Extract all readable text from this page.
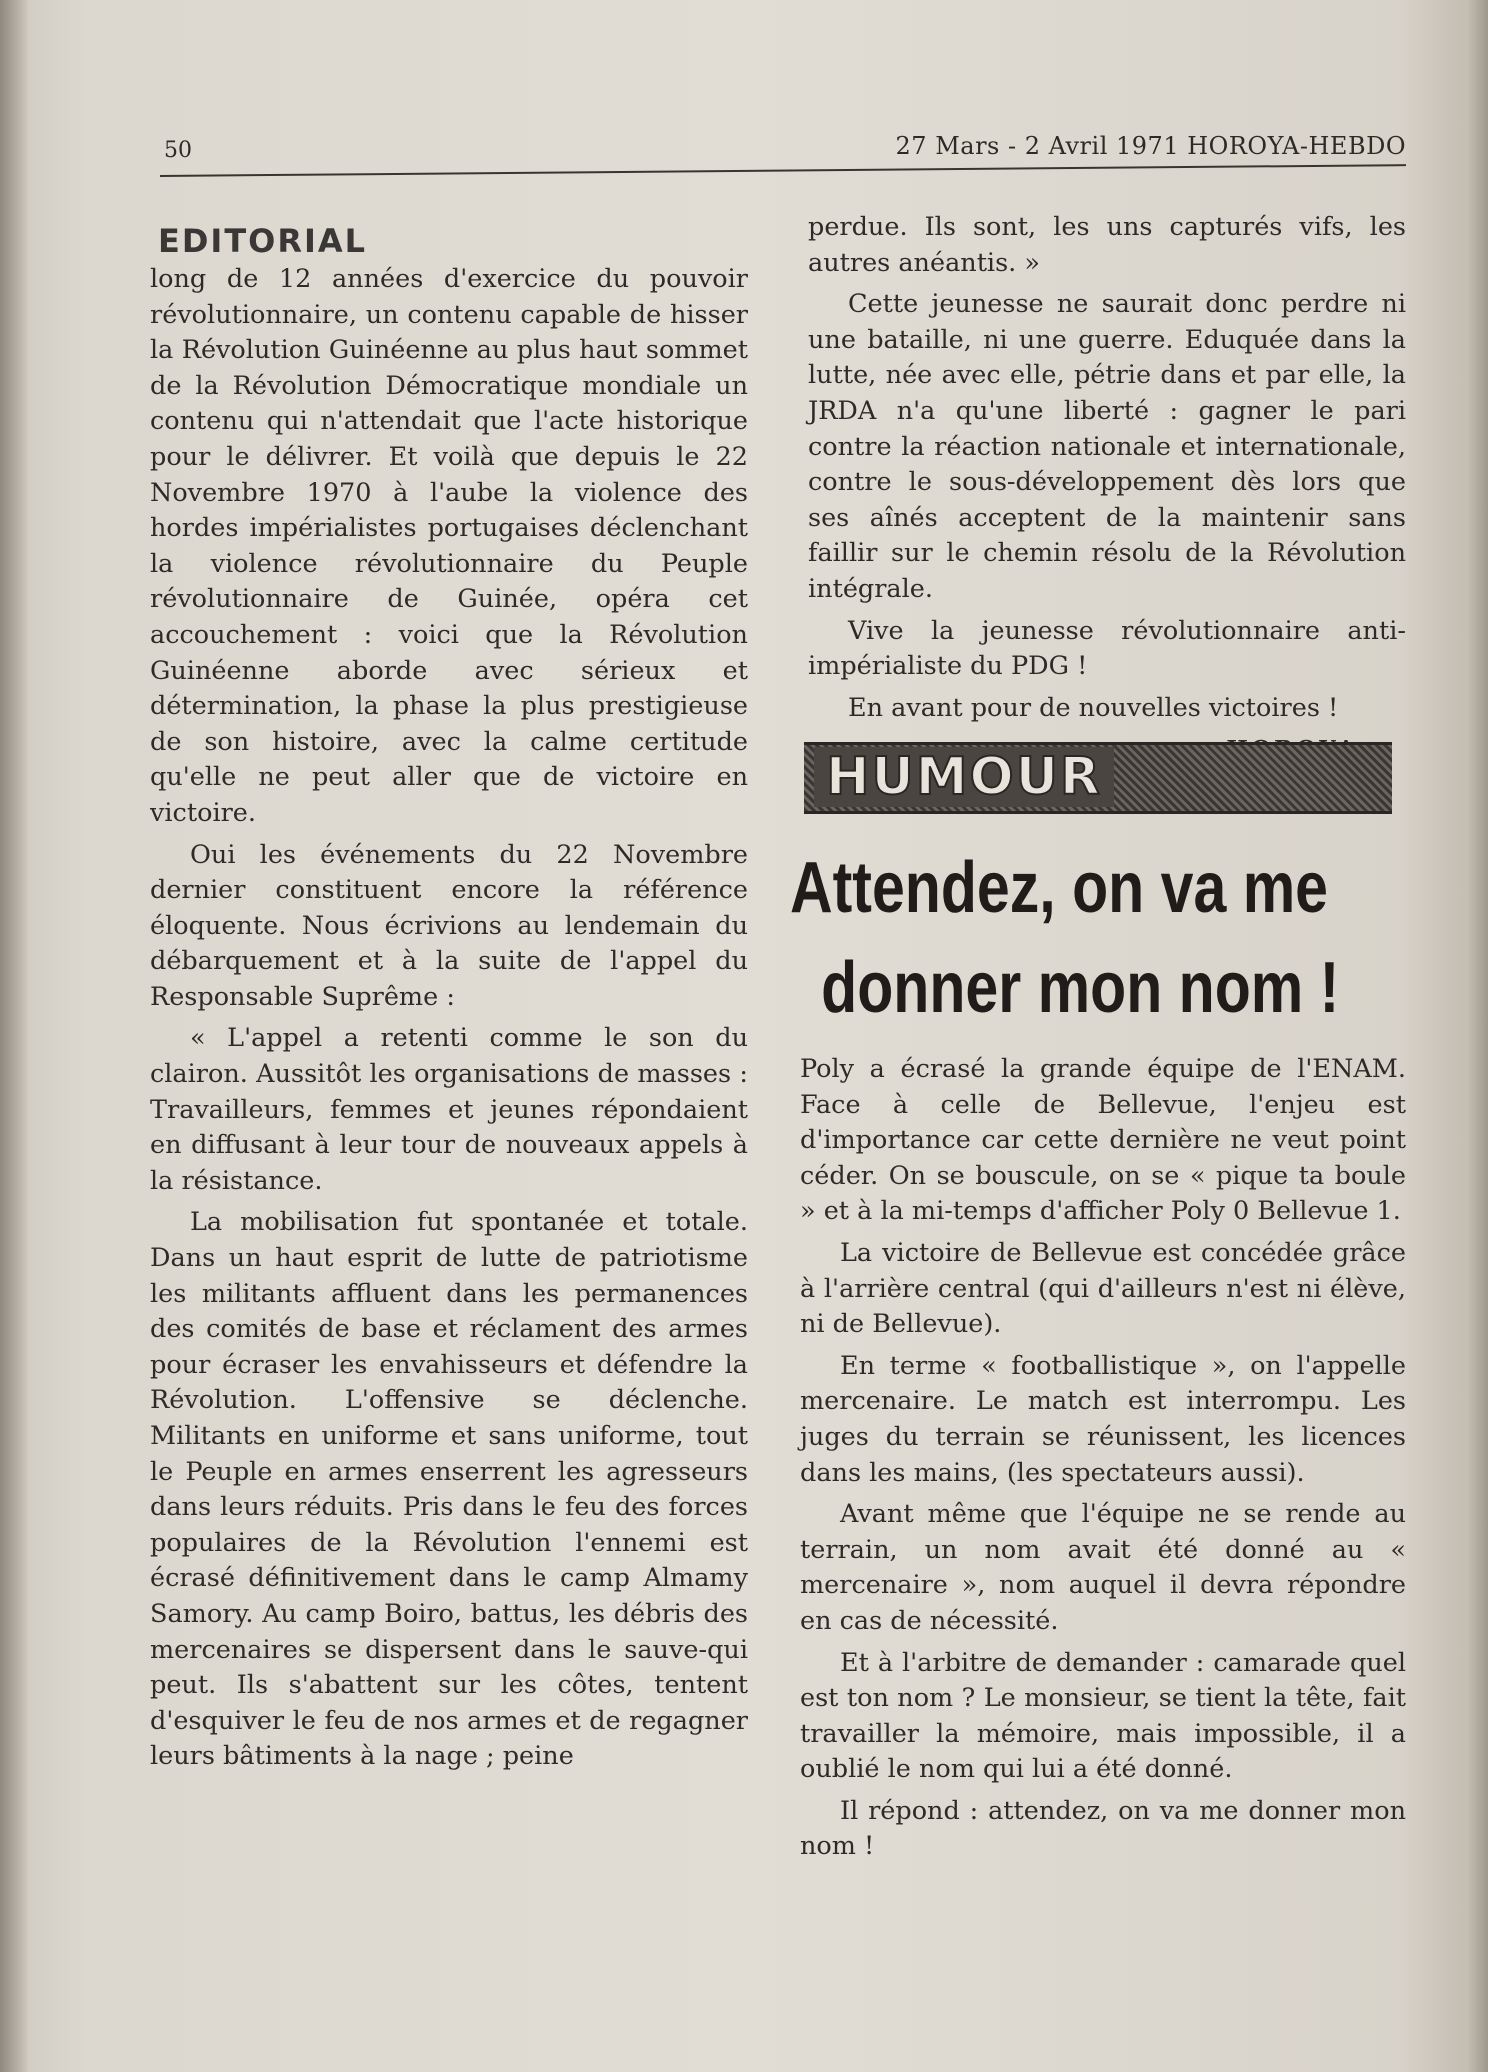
50	27 Mars - 2 Avril 1971 HOROYA-HEBDO
EDITORIAL

long de 12 années d'exercice du pouvoir révolutionnaire, un contenu capable de hisser la Révolution Guinéenne au plus haut sommet de la Révolution Démocratique mondiale un contenu qui n'attendait que l'acte historique pour le délivrer. Et voilà que depuis le 22 Novembre 1970 à l'aube la violence des hordes impérialistes portugaises déclenchant la violence révolutionnaire du Peuple révolutionnaire de Guinée, opéra cet accouchement : voici que la Révolution Guinéenne aborde avec sérieux et détermination, la phase la plus prestigieuse de son histoire, avec la calme certitude qu'elle ne peut aller que de victoire en victoire.

Oui les événements du 22 Novembre dernier constituent encore la référence éloquente. Nous écrivions au lendemain du débarquement et à la suite de l'appel du Responsable Suprême :

« L'appel a retenti comme le son du clairon. Aussitôt les organisations de masses : Travailleurs, femmes et jeunes répondaient en diffusant à leur tour de nouveaux appels à la résistance.

La mobilisation fut spontanée et totale. Dans un haut esprit de lutte de patriotisme les militants affluent dans les permanences des comités de base et réclament des armes pour écraser les envahisseurs et défendre la Révolution. L'offensive se déclenche. Militants en uniforme et sans uniforme, tout le Peuple en armes enserrent les agresseurs dans leurs réduits. Pris dans le feu des forces populaires de la Révolution l'ennemi est écrasé définitivement dans le camp Almamy Samory. Au camp Boiro, battus, les débris des mercenaires se dispersent dans le sauve-qui peut. Ils s'abattent sur les côtes, tentent d'esquiver le feu de nos armes et de regagner leurs bâtiments à la nage ; peine

perdue. Ils sont, les uns capturés vifs, les autres anéantis. »

Cette jeunesse ne saurait donc perdre ni une bataille, ni une guerre. Eduquée dans la lutte, née avec elle, pétrie dans et par elle, la JRDA n'a qu'une liberté : gagner le pari contre la réaction nationale et internationale, contre le sous-développement dès lors que ses aînés acceptent de la maintenir sans faillir sur le chemin résolu de la Révolution intégrale.

Vive la jeunesse révolutionnaire anti-impérialiste du PDG !

En avant pour de nouvelles victoires !

HUMOUR
Attendez, on va me
donner mon nom !

Poly a écrasé la grande équipe de l'ENAM. Face à celle de Bellevue, l'enjeu est d'importance car cette dernière ne veut point céder. On se bouscule, on se « pique ta boule » et à la mi-temps d'afficher Poly 0 Bellevue 1.

La victoire de Bellevue est concédée grâce à l'arrière central (qui d'ailleurs n'est ni élève, ni de Bellevue).

En terme « footballistique », on l'appelle mercenaire. Le match est interrompu. Les juges du terrain se réunissent, les licences dans les mains, (les spectateurs aussi).

Avant même que l'équipe ne se rende au terrain, un nom avait été donné au « mercenaire », nom auquel il devra répondre en cas de nécessité.

Et à l'arbitre de demander : camarade quel est ton nom ? Le monsieur, se tient la tête, fait travailler la mémoire, mais impossible, il a oublié le nom qui lui a été donné.

Il répond : attendez, on va me donner mon nom !
